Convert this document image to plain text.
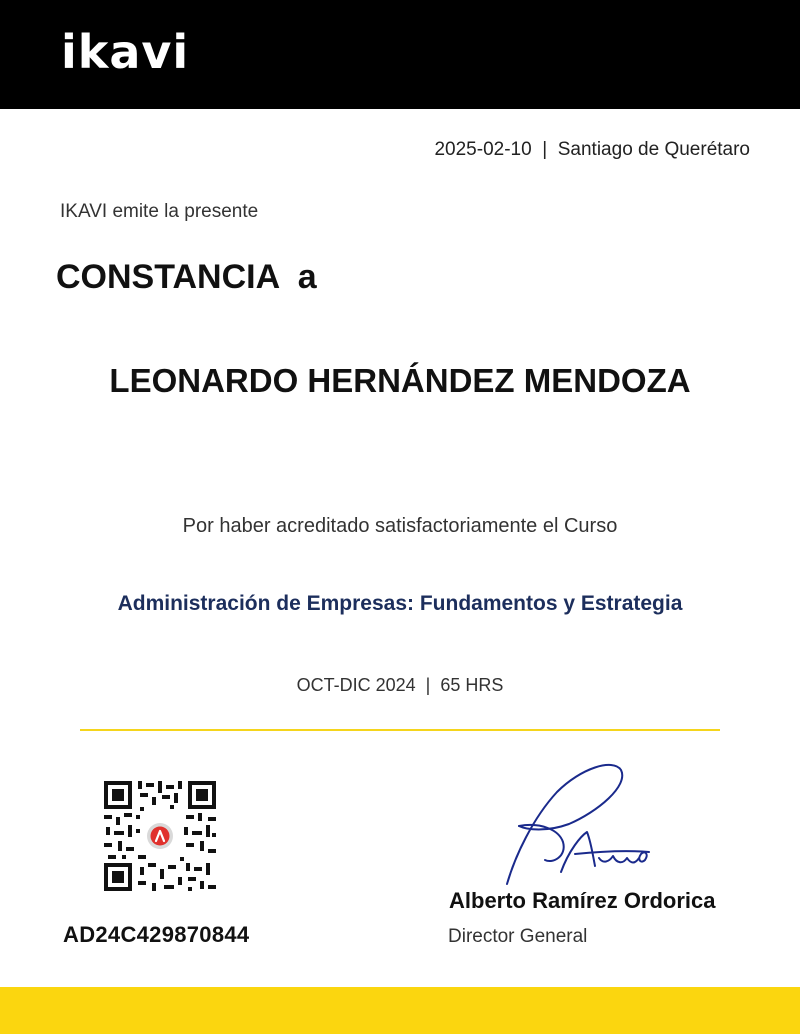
ikavi
2025-02-10 | Santiago de Querétaro
IKAVI emite la presente
CONSTANCIA a
LEONARDO HERNÁNDEZ MENDOZA
Por haber acreditado satisfactoriamente el Curso
Administración de Empresas: Fundamentos y Estrategia
OCT-DIC 2024 | 65 HRS
AD24C429870844
Alberto Ramírez Ordorica
Director General
